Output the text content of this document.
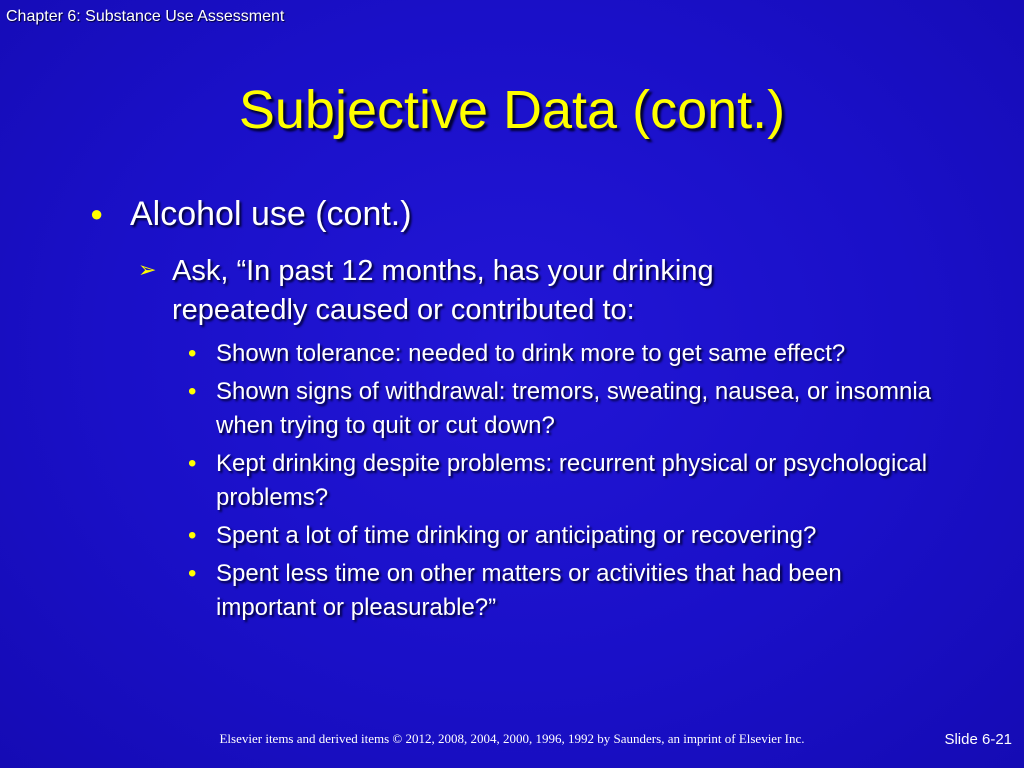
Chapter 6: Substance Use Assessment
Subjective Data (cont.)
● Alcohol use (cont.)
➢ Ask, “In past 12 months, has your drinking repeatedly caused or contributed to:
• Shown tolerance: needed to drink more to get same effect?
• Shown signs of withdrawal: tremors, sweating, nausea, or insomnia when trying to quit or cut down?
• Kept drinking despite problems: recurrent physical or psychological problems?
• Spent a lot of time drinking or anticipating or recovering?
• Spent less time on other matters or activities that had been important or pleasurable?”
Elsevier items and derived items © 2012, 2008, 2004, 2000, 1996, 1992 by Saunders, an imprint of Elsevier Inc.	Slide 6-21
